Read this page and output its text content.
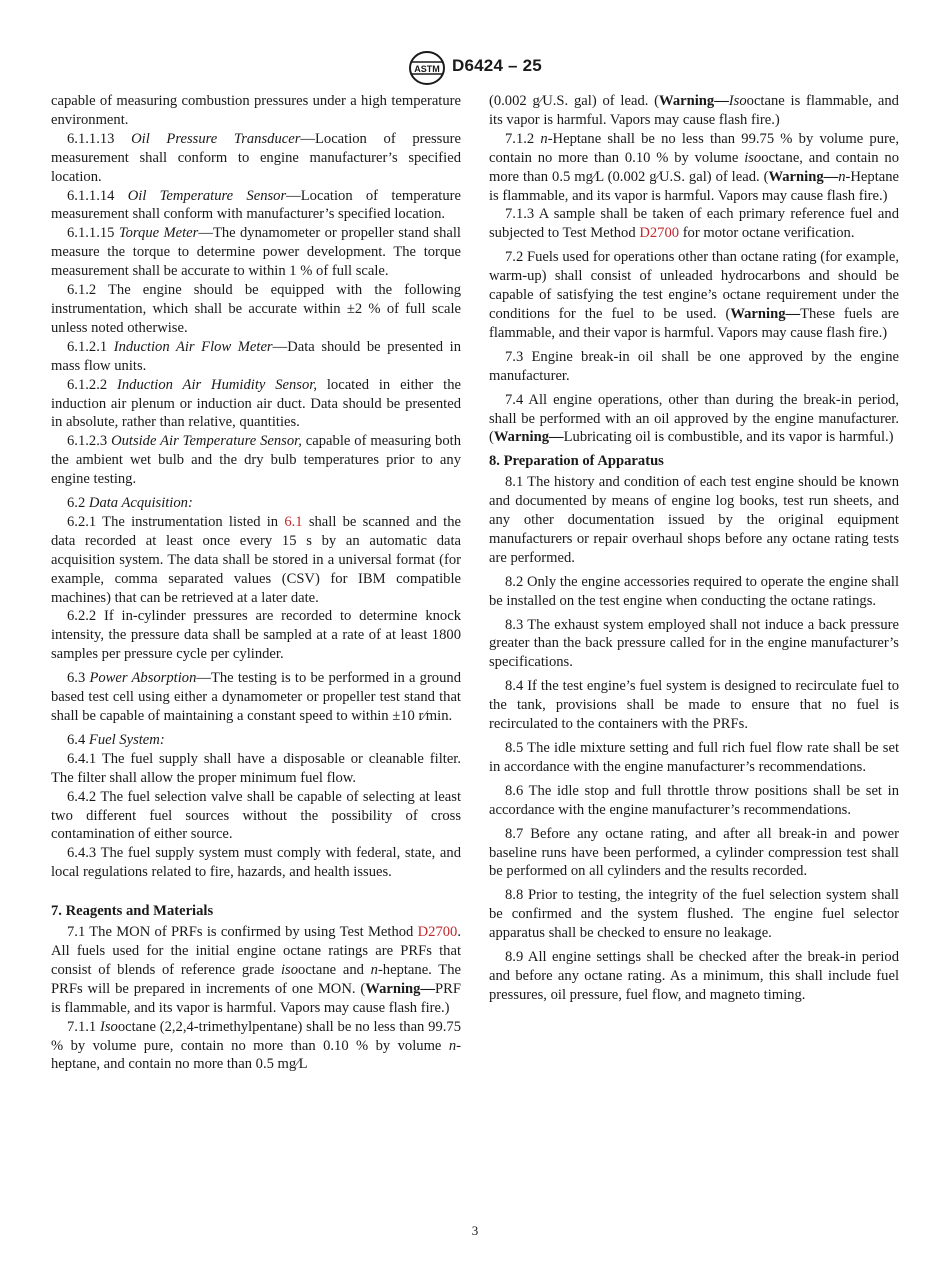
ASTM D6424 – 25

capable of measuring combustion pressures under a high temperature environment.

6.1.1.13 Oil Pressure Transducer—Location of pressure measurement shall conform to engine manufacturer’s specified location.

6.1.1.14 Oil Temperature Sensor—Location of temperature measurement shall conform with manufacturer’s specified location.

6.1.1.15 Torque Meter—The dynamometer or propeller stand shall measure the torque to determine power development. The torque measurement shall be accurate to within 1 % of full scale.

6.1.2 The engine should be equipped with the following instrumentation, which shall be accurate within ±2 % of full scale unless noted otherwise.

6.1.2.1 Induction Air Flow Meter—Data should be presented in mass flow units.

6.1.2.2 Induction Air Humidity Sensor, located in either the induction air plenum or induction air duct. Data should be presented in absolute, rather than relative, quantities.

6.1.2.3 Outside Air Temperature Sensor, capable of measuring both the ambient wet bulb and the dry bulb temperatures prior to any engine testing.

6.2 Data Acquisition:

6.2.1 The instrumentation listed in 6.1 shall be scanned and the data recorded at least once every 15 s by an automatic data acquisition system. The data shall be stored in a universal format (for example, comma separated values (CSV) for IBM compatible machines) that can be retrieved at a later date.

6.2.2 If in-cylinder pressures are recorded to determine knock intensity, the pressure data shall be sampled at a rate of at least 1800 samples per pressure cycle per cylinder.

6.3 Power Absorption—The testing is to be performed in a ground based test cell using either a dynamometer or propeller test stand that shall be capable of maintaining a constant speed to within ±10 r⁄min.

6.4 Fuel System:

6.4.1 The fuel supply shall have a disposable or cleanable filter. The filter shall allow the proper minimum fuel flow.

6.4.2 The fuel selection valve shall be capable of selecting at least two different fuel sources without the possibility of cross contamination of either source.

6.4.3 The fuel supply system must comply with federal, state, and local regulations related to fire, hazards, and health issues.

7. Reagents and Materials

7.1 The MON of PRFs is confirmed by using Test Method D2700. All fuels used for the initial engine octane ratings are PRFs that consist of blends of reference grade isooctane and n-heptane. The PRFs will be prepared in increments of one MON. (Warning—PRF is flammable, and its vapor is harmful. Vapors may cause flash fire.)

7.1.1 Isooctane (2,2,4-trimethylpentane) shall be no less than 99.75 % by volume pure, contain no more than 0.10 % by volume n-heptane, and contain no more than 0.5 mg⁄L

(0.002 g⁄U.S. gal) of lead. (Warning—Isooctane is flammable, and its vapor is harmful. Vapors may cause flash fire.)

7.1.2 n-Heptane shall be no less than 99.75 % by volume pure, contain no more than 0.10 % by volume isooctane, and contain no more than 0.5 mg⁄L (0.002 g⁄U.S. gal) of lead. (Warning—n-Heptane is flammable, and its vapor is harmful. Vapors may cause flash fire.)

7.1.3 A sample shall be taken of each primary reference fuel and subjected to Test Method D2700 for motor octane verification.

7.2 Fuels used for operations other than octane rating (for example, warm-up) shall consist of unleaded hydrocarbons and should be capable of satisfying the test engine’s octane requirement under the conditions for the fuel to be used. (Warning—These fuels are flammable, and their vapor is harmful. Vapors may cause flash fire.)

7.3 Engine break-in oil shall be one approved by the engine manufacturer.

7.4 All engine operations, other than during the break-in period, shall be performed with an oil approved by the engine manufacturer. (Warning—Lubricating oil is combustible, and its vapor is harmful.)

8. Preparation of Apparatus

8.1 The history and condition of each test engine should be known and documented by means of engine log books, test run sheets, and any other documentation issued by the original equipment manufacturers or repair overhaul shops before any octane rating tests are performed.

8.2 Only the engine accessories required to operate the engine shall be installed on the test engine when conducting the octane ratings.

8.3 The exhaust system employed shall not induce a back pressure greater than the back pressure called for in the engine manufacturer’s specifications.

8.4 If the test engine’s fuel system is designed to recirculate fuel to the tank, provisions shall be made to ensure that no fuel is recirculated to the containers with the PRFs.

8.5 The idle mixture setting and full rich fuel flow rate shall be set in accordance with the engine manufacturer’s recommendations.

8.6 The idle stop and full throttle throw positions shall be set in accordance with the engine manufacturer’s recommendations.

8.7 Before any octane rating, and after all break-in and power baseline runs have been performed, a cylinder compression test shall be performed on all cylinders and the results recorded.

8.8 Prior to testing, the integrity of the fuel selection system shall be confirmed and the system flushed. The engine fuel selector apparatus shall be checked to ensure no leakage.

8.9 All engine settings shall be checked after the break-in period and before any octane rating. As a minimum, this shall include fuel pressures, oil pressure, fuel flow, and magneto timing.

3
